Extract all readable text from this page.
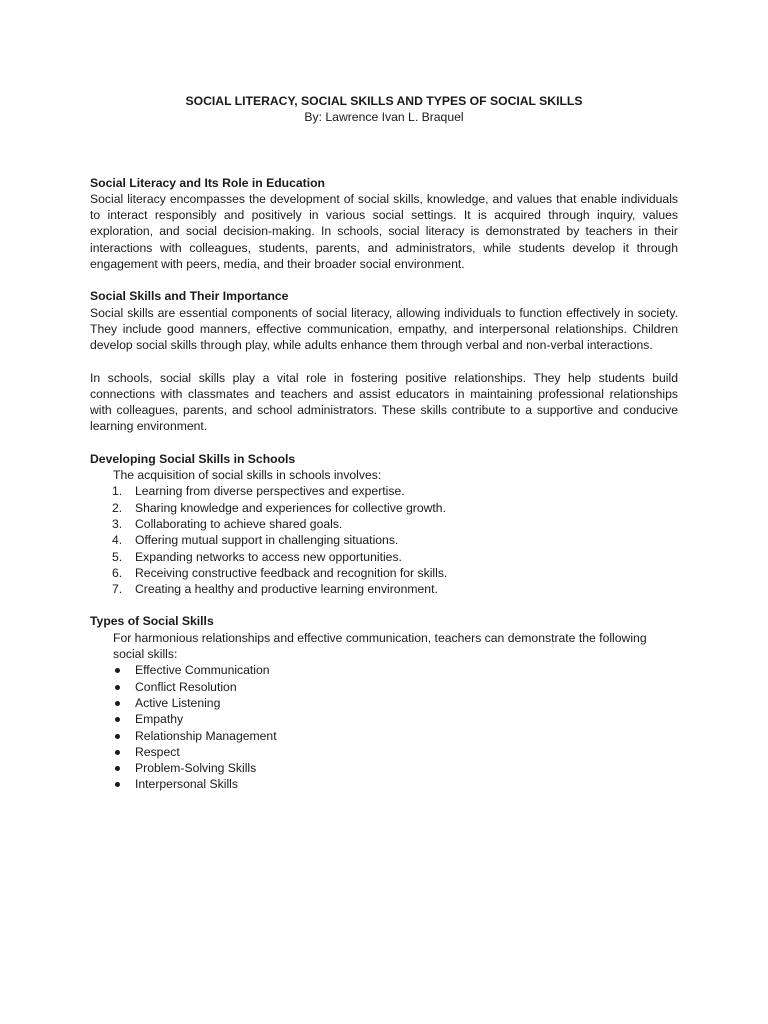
SOCIAL LITERACY, SOCIAL SKILLS AND TYPES OF SOCIAL SKILLS

By: Lawrence Ivan L. Braquel

Social Literacy and Its Role in Education

Social literacy encompasses the development of social skills, knowledge, and values that enable individuals to interact responsibly and positively in various social settings. It is acquired through inquiry, values exploration, and social decision-making. In schools, social literacy is demonstrated by teachers in their interactions with colleagues, students, parents, and administrators, while students develop it through engagement with peers, media, and their broader social environment.

Social Skills and Their Importance

Social skills are essential components of social literacy, allowing individuals to function effectively in society. They include good manners, effective communication, empathy, and interpersonal relationships. Children develop social skills through play, while adults enhance them through verbal and non-verbal interactions.

In schools, social skills play a vital role in fostering positive relationships. They help students build connections with classmates and teachers and assist educators in maintaining professional relationships with colleagues, parents, and school administrators. These skills contribute to a supportive and conducive learning environment.

Developing Social Skills in Schools

The acquisition of social skills in schools involves:

1. Learning from diverse perspectives and expertise.
2. Sharing knowledge and experiences for collective growth.
3. Collaborating to achieve shared goals.
4. Offering mutual support in challenging situations.
5. Expanding networks to access new opportunities.
6. Receiving constructive feedback and recognition for skills.
7. Creating a healthy and productive learning environment.

Types of Social Skills

For harmonious relationships and effective communication, teachers can demonstrate the following social skills:

Effective Communication
Conflict Resolution
Active Listening
Empathy
Relationship Management
Respect
Problem-Solving Skills
Interpersonal Skills
